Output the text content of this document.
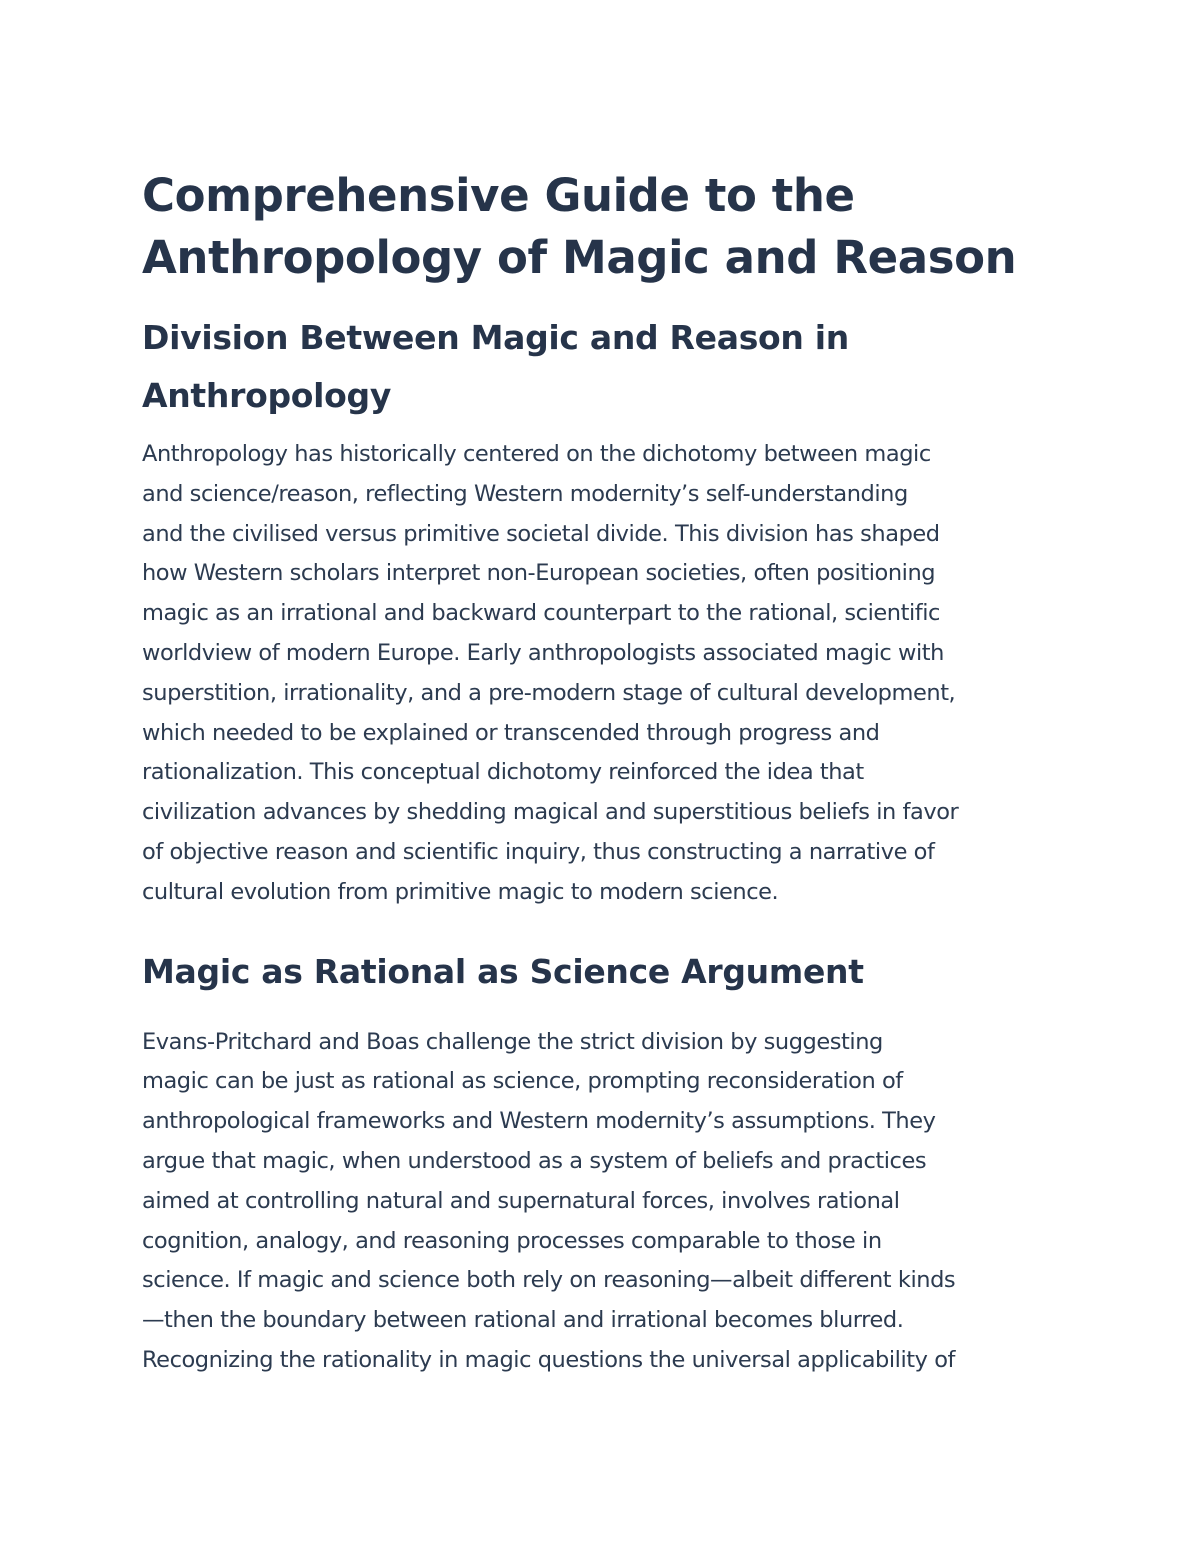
Comprehensive Guide to the
Anthropology of Magic and Reason
Division Between Magic and Reason in
Anthropology

Anthropology has historically centered on the dichotomy between magic
and science/reason, reflecting Western modernity’s self-understanding
and the civilised versus primitive societal divide. This division has shaped
how Western scholars interpret non-European societies, often positioning
magic as an irrational and backward counterpart to the rational, scientific
worldview of modern Europe. Early anthropologists associated magic with
superstition, irrationality, and a pre-modern stage of cultural development,
which needed to be explained or transcended through progress and
rationalization. This conceptual dichotomy reinforced the idea that
civilization advances by shedding magical and superstitious beliefs in favor
of objective reason and scientific inquiry, thus constructing a narrative of
cultural evolution from primitive magic to modern science.

Magic as Rational as Science Argument

Evans-Pritchard and Boas challenge the strict division by suggesting
magic can be just as rational as science, prompting reconsideration of
anthropological frameworks and Western modernity’s assumptions. They
argue that magic, when understood as a system of beliefs and practices
aimed at controlling natural and supernatural forces, involves rational
cognition, analogy, and reasoning processes comparable to those in
science. If magic and science both rely on reasoning—albeit different kinds
—then the boundary between rational and irrational becomes blurred.
Recognizing the rationality in magic questions the universal applicability of
